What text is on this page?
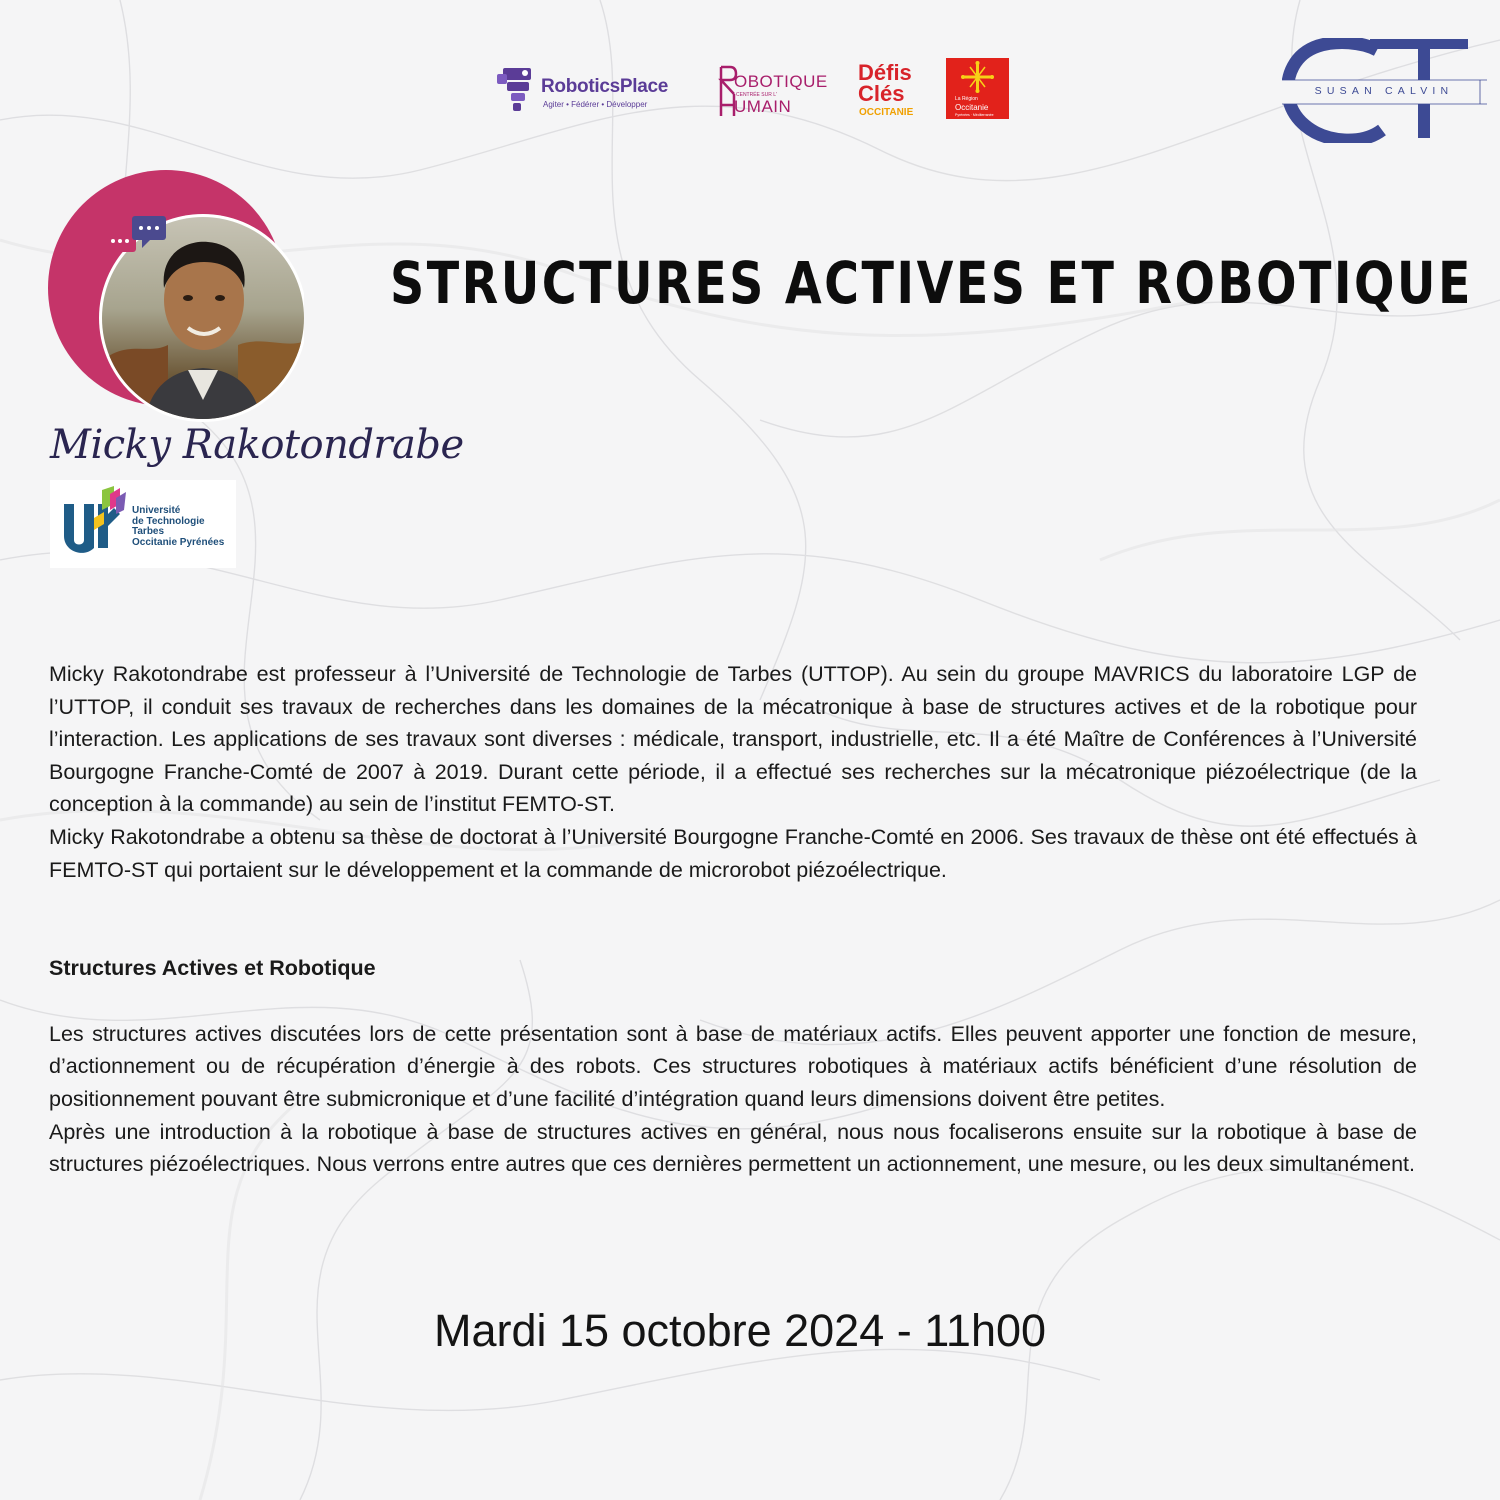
RoboticsPlace
Agiter • Fédérer • Développer
OBOTIQUE
CENTRÉE SUR L'
UMAIN
Défis
Clés
OCCITANIE
La Région
Occitanie
Pyrénées · Méditerranée
SUSAN CALVIN
Micky Rakotondrabe
Université
de Technologie
Tarbes
Occitanie Pyrénées
STRUCTURES ACTIVES ET ROBOTIQUE

Micky Rakotondrabe est professeur à l’Université de Technologie de Tarbes (UTTOP). Au sein du groupe MAVRICS du laboratoire LGP de l’UTTOP, il conduit ses travaux de recherches dans les domaines de la mécatronique à base de structures actives et de la robotique pour l’interaction. Les applications de ses travaux sont diverses : médicale, transport, industrielle, etc. Il a été Maître de Conférences à l’Université Bourgogne Franche-Comté de 2007 à 2019. Durant cette période, il a effectué ses recherches sur la mécatronique piézoélectrique (de la conception à la commande) au sein de l’institut FEMTO-ST.

Micky Rakotondrabe a obtenu sa thèse de doctorat à l’Université Bourgogne Franche-Comté en 2006. Ses travaux de thèse ont été effectués à FEMTO-ST qui portaient sur le développement et la commande de microrobot piézoélectrique.

Structures Actives et Robotique

Les structures actives discutées lors de cette présentation sont à base de matériaux actifs. Elles peuvent apporter une fonction de mesure, d’actionnement ou de récupération d’énergie à des robots. Ces structures robotiques à matériaux actifs bénéficient d’une résolution de positionnement pouvant être submicronique et d’une facilité d’intégration quand leurs dimensions doivent être petites.

Après une introduction à la robotique à base de structures actives en général, nous nous focaliserons ensuite sur la robotique à base de structures piézoélectriques. Nous verrons entre autres que ces dernières permettent un actionnement, une mesure, ou les deux simultanément.

Mardi 15 octobre 2024 - 11h00
